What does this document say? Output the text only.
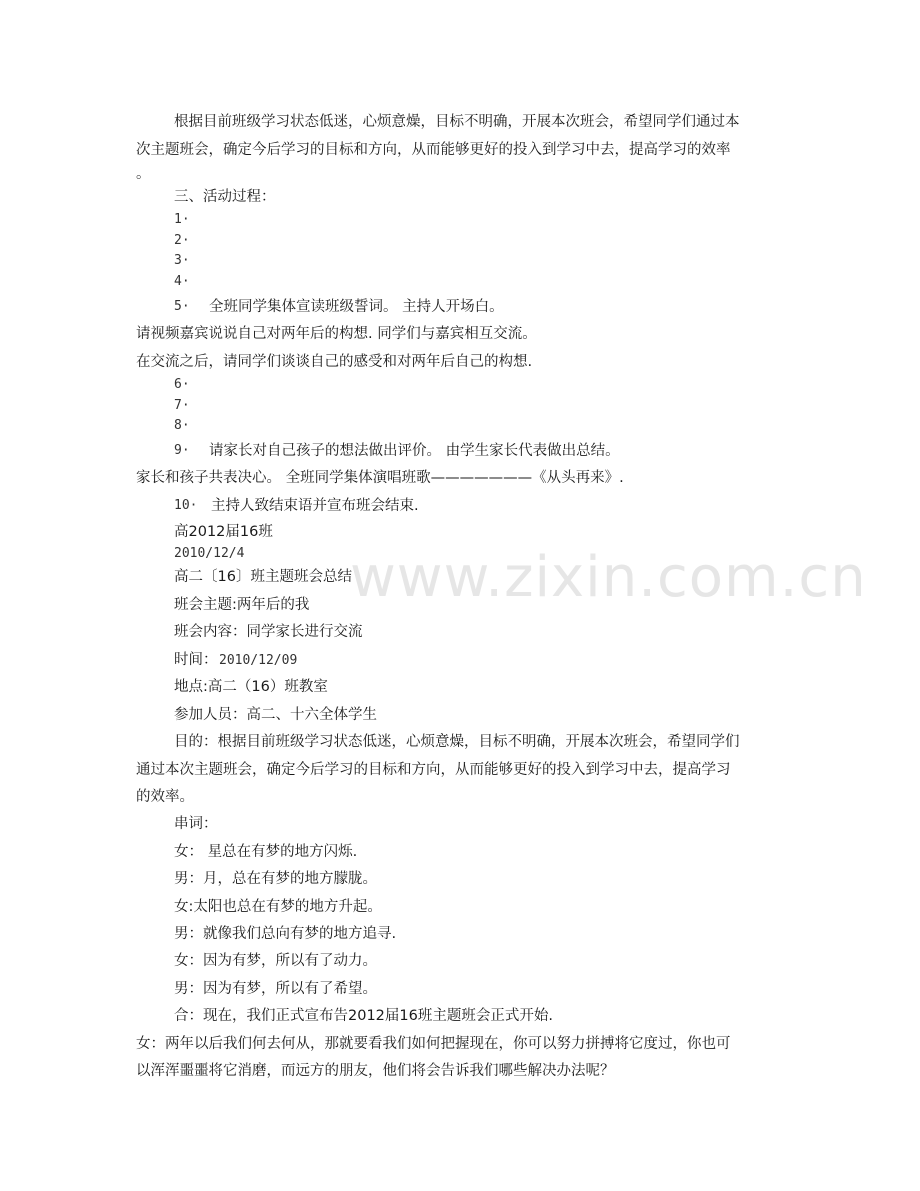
www.zixin.com.cn
根据目前班级学习状态低迷，心烦意燥，目标不明确，开展本次班会，希望同学们通过本
次主题班会，确定今后学习的目标和方向，从而能够更好的投入到学习中去，提高学习的效率
。
三、活动过程：
1·
2·
3·
4·
5· 全班同学集体宣读班级誓词。 主持人开场白。
请视频嘉宾说说自己对两年后的构想. 同学们与嘉宾相互交流。
在交流之后，请同学们谈谈自己的感受和对两年后自己的构想.
6·
7·
8·
9· 请家长对自己孩子的想法做出评价。 由学生家长代表做出总结。
家长和孩子共表决心。 全班同学集体演唱班歌———————《从头再来》.
10· 主持人致结束语并宣布班会结束.
高2012届16班
2010/12/4
高二〔16〕班主题班会总结
班会主题:两年后的我
班会内容：同学家长进行交流
时间： 2010/12/09
地点:高二（16）班教室
参加人员：高二、十六全体学生
目的：根据目前班级学习状态低迷，心烦意燥，目标不明确，开展本次班会，希望同学们
通过本次主题班会，确定今后学习的目标和方向，从而能够更好的投入到学习中去，提高学习
的效率。
串词：
女： 星总在有梦的地方闪烁.
男：月，总在有梦的地方朦胧。
女:太阳也总在有梦的地方升起。
男：就像我们总向有梦的地方追寻.
女：因为有梦，所以有了动力。
男：因为有梦，所以有了希望。
合：现在，我们正式宣布告2012届16班主题班会正式开始.
女：两年以后我们何去何从，那就要看我们如何把握现在，你可以努力拼搏将它度过，你也可
以浑浑噩噩将它消磨，而远方的朋友，他们将会告诉我们哪些解决办法呢？
